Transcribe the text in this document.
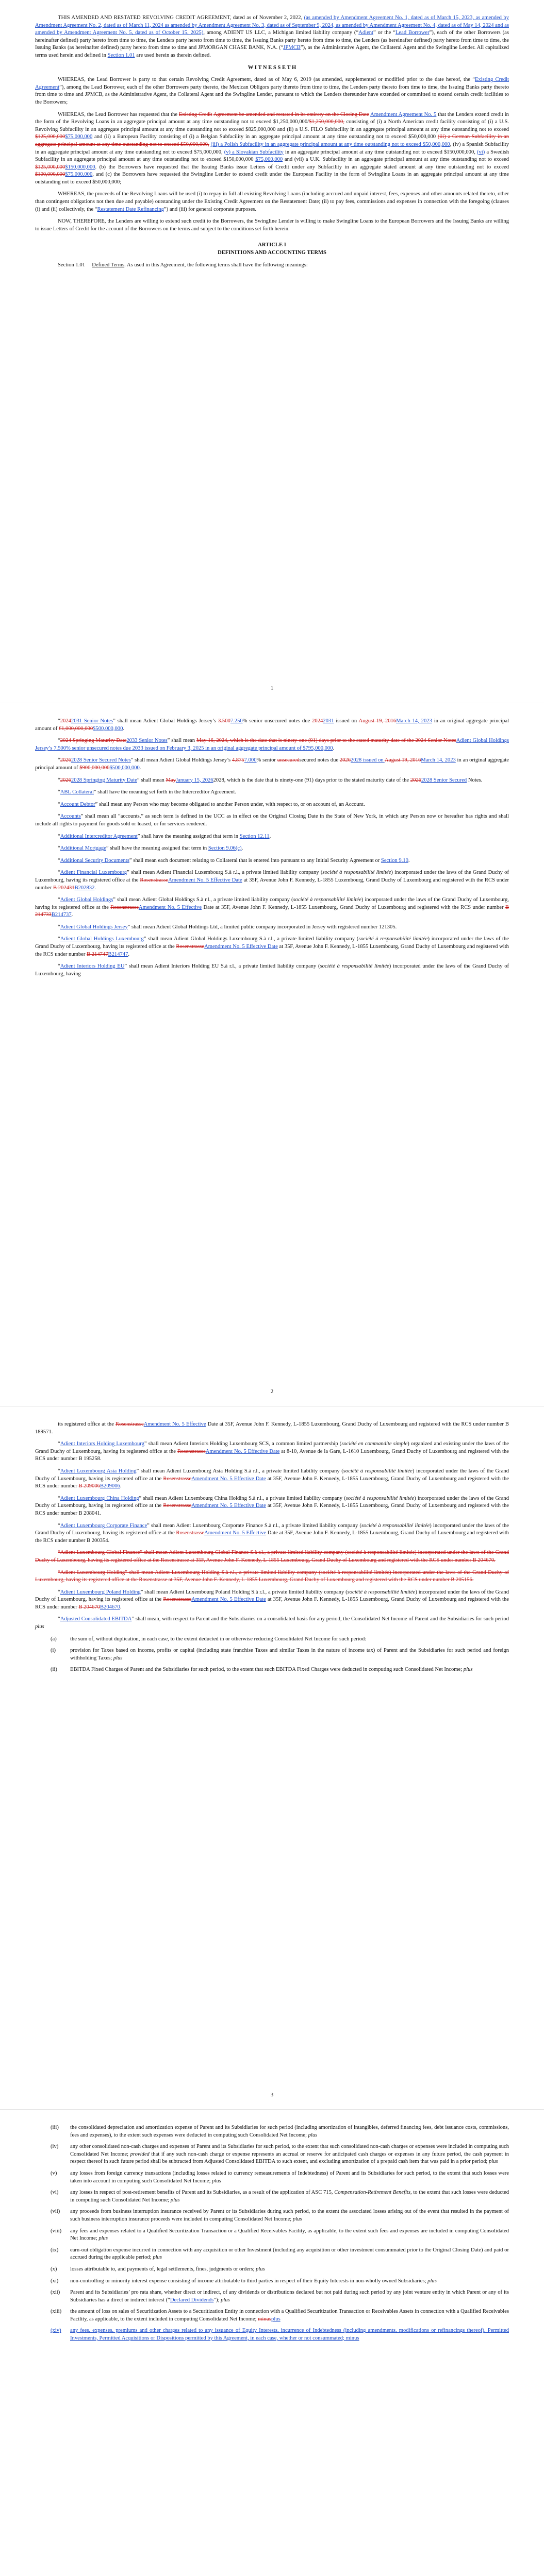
THIS AMENDED AND RESTATED REVOLVING CREDIT AGREEMENT, dated as of November 2, 2022, (as amended by Amendment Agreement No. 1, dated as of March 15, 2023, as amended by Amendment Agreement No. 2, dated as of March 11, 2024 as amended by Amendment Agreement No. 3, dated as of September 9, 2024, as amended by Amendment Agreement No. 4, dated as of May 14, 2024 and as amended by Amendment Agreement No. 5, dated as of October 15, 2025), among ADIENT US LLC, a Michigan limited liability company (“Adient” or the “Lead Borrower”), each of the other Borrowers (as hereinafter defined) party hereto from time to time, the Lenders party hereto from time to time, the Issuing Banks party hereto from time to time, the Lenders (as hereinafter defined) party hereto from time to time, the Issuing Banks (as hereinafter defined) party hereto from time to time and JPMORGAN CHASE BANK, N.A. (“JPMCB”), as the Administrative Agent, the Collateral Agent and the Swingline Lender. All capitalized terms used herein and defined in Section 1.01 are used herein as therein defined.

W I T N E S S E T H

WHEREAS, the Lead Borrower is party to that certain Revolving Credit Agreement, dated as of May 6, 2019 (as amended, supplemented or modified prior to the date hereof, the “Existing Credit Agreement”), among the Lead Borrower, each of the other Borrowers party thereto, the Mexican Obligors party thereto from time to time, the Lenders party thereto from time to time, the Issuing Banks party thereto from time to time and JPMCB, as the Administrative Agent, the Collateral Agent and the Swingline Lender, pursuant to which the Lenders thereunder have extended or committed to extend certain credit facilities to the Borrowers;

WHEREAS, the Lead Borrower has requested that the Existing Credit Agreement be amended and restated in its entirety on the Closing Date Amendment Agreement No. 5 that the Lenders extend credit in the form of the Revolving Loans in an aggregate principal amount at any time outstanding not to exceed $1,250,000,000/$1,250,000,000, consisting of (i) a North American credit facility consisting of (i) a U.S. Revolving Subfacility in an aggregate principal amount at any time outstanding not to exceed $825,000,000 and (ii) a U.S. FILO Subfacility in an aggregate principal amount at any time outstanding not to exceed $125,000,000$75,000,000 and (ii) a European Facility consisting of (i) a Belgian Subfacility in an aggregate principal amount at any time outstanding not to exceed $50,000,000 (iii) a German Subfacility in an aggregate principal amount at any time outstanding not to exceed $50,000,000, (iii) a Polish Subfacility in an aggregate principal amount at any time outstanding not to exceed $50,000,000, (iv) a Spanish Subfacility in an aggregate principal amount at any time outstanding not to exceed $75,000,000, (v) a Slovakian Subfacility in an aggregate principal amount at any time outstanding not to exceed $150,000,000, (vi) a Swedish Subfacility in an aggregate principal amount at any time outstanding not to exceed $150,000,000 $75,000,000 and (vii) a U.K. Subfacility in an aggregate principal amount at any time outstanding not to exceed $125,000,000$150,000,000. (b) the Borrowers have requested that the Issuing Banks issue Letters of Credit under any Subfacility in an aggregate stated amount at any time outstanding not to exceed $100,000,000$75,000,000, and (c) the Borrowers have requested the Swingline Lender to extend credit under the European Facility in the form of Swingline Loans in an aggregate principal amount at any time outstanding not to exceed $50,000,000;

WHEREAS, the proceeds of the Revolving Loans will be used (i) to repay in full all existing Revolving Loans (including accrued and unpaid interest, fees, expenses and other amounts related thereto, other than contingent obligations not then due and payable) outstanding under the Existing Credit Agreement on the Restatement Date; (ii) to pay fees, commissions and expenses in connection with the foregoing (clauses (i) and (ii) collectively, the “Restatement Date Refinancing”) and (iii) for general corporate purposes.

NOW, THEREFORE, the Lenders are willing to extend such credit to the Borrowers, the Swingline Lender is willing to make Swingline Loans to the European Borrowers and the Issuing Banks are willing to issue Letters of Credit for the account of the Borrowers on the terms and subject to the conditions set forth herein.

ARTICLE I

DEFINITIONS AND ACCOUNTING TERMS

Section 1.01 Defined Terms. As used in this Agreement, the following terms shall have the following meanings:

1

“20242031 Senior Notes” shall mean Adient Global Holdings Jersey’s 3.5007.250% senior unsecured notes due 20242031 issued on August 19, 2016March 14, 2023 in an original aggregate principal amount of €1,000,000,000$500,000,000.

“2024 Springing Maturity Date2033 Senior Notes” shall mean May 16, 2024, which is the date that is ninety-one (91) days prior to the stated maturity date of the 2024 Senior NotesAdient Global Holdings Jersey’s 7.500% senior unsecured notes due 2033 issued on February 3, 2025 in an original aggregate principal amount of $795,000,000.

“20262028 Senior Secured Notes” shall mean Adient Global Holdings Jersey’s 4.8757.000% senior unsecuredsecured notes due 20262028 issued on August 19, 2016March 14, 2023 in an original aggregate principal amount of $900,000,000$500,000,000.

“20262028 Springing Maturity Date” shall mean MayJanuary 15, 20262028, which is the date that is ninety-one (91) days prior to the stated maturity date of the 20262028 Senior Secured Notes.

“ABL Collateral” shall have the meaning set forth in the Intercreditor Agreement.

“Account Debtor” shall mean any Person who may become obligated to another Person under, with respect to, or on account of, an Account.

“Accounts” shall mean all “accounts,” as such term is defined in the UCC as in effect on the Original Closing Date in the State of New York, in which any Person now or hereafter has rights and shall include all rights to payment for goods sold or leased, or for services rendered.

“Additional Intercreditor Agreement” shall have the meaning assigned that term in Section 12.11.

“Additional Mortgage” shall have the meaning assigned that term in Section 9.06(c).

“Additional Security Documents” shall mean each document relating to Collateral that is entered into pursuant to any Initial Security Agreement or Section 9.10.

“Adient Financial Luxembourg” shall mean Adient Financial Luxembourg S.à r.l., a private limited liability company (société à responsabilité limitée) incorporated under the laws of the Grand Duchy of Luxembourg, having its registered office at the RosenstrasseAmendment No. 5 Effective Date at 35F, Avenue John F. Kennedy, L-1855 Luxembourg, Grand Duchy of Luxembourg and registered with the RCS under number B 202431B202832.

“Adient Global Holdings” shall mean Adient Global Holdings S.à r.l., a private limited liability company (société à responsabilité limitée) incorporated under the laws of the Grand Duchy of Luxembourg, having its registered office at the RosenstrasseAmendment No. 5 Effective Date at 35F, Avenue John F. Kennedy, L-1855 Luxembourg, Grand Duchy of Luxembourg and registered with the RCS under number B 214733B214737.

“Adient Global Holdings Jersey” shall mean Adient Global Holdings Ltd, a limited public company incorporated in Jersey with registered number 121305.

“Adient Global Holdings Luxembourg” shall mean Adient Global Holdings Luxembourg S.à r.l., a private limited liability company (société à responsabilité limitée) incorporated under the laws of the Grand Duchy of Luxembourg, having its registered office at the RosenstrasseAmendment No. 5 Effective Date at 35F, Avenue John F. Kennedy, L-1855 Luxembourg, Grand Duchy of Luxembourg and registered with the RCS under number B 214747B214747.

“Adient Interiors Holding EU” shall mean Adient Interiors Holding EU S.à r.l., a private limited liability company (société à responsabilité limitée) incorporated under the laws of the Grand Duchy of Luxembourg, having

2

its registered office at the RosenstrasseAmendment No. 5 Effective Date at 35F, Avenue John F. Kennedy, L-1855 Luxembourg, Grand Duchy of Luxembourg and registered with the RCS under number B 189571.

“Adient Interiors Holding Luxembourg” shall mean Adient Interiors Holding Luxembourg SCS, a common limited partnership (société en commandite simple) organized and existing under the laws of the Grand Duchy of Luxembourg, having its registered office at the RosenstrasseAmendment No. 5 Effective Date at 8-10, Avenue de la Gare, L-1610 Luxembourg, Grand Duchy of Luxembourg and registered with the RCS under number B 195258.

“Adient Luxembourg Asia Holding” shall mean Adient Luxembourg Asia Holding S.à r.l., a private limited liability company (société à responsabilité limitée) incorporated under the laws of the Grand Duchy of Luxembourg, having its registered office at the RosenstrasseAmendment No. 5 Effective Date at 35F, Avenue John F. Kennedy, L-1855 Luxembourg, Grand Duchy of Luxembourg and registered with the RCS under number B 209006B209006.

“Adient Luxembourg China Holding” shall mean Adient Luxembourg China Holding S.à r.l., a private limited liability company (société à responsabilité limitée) incorporated under the laws of the Grand Duchy of Luxembourg, having its registered office at the RosenstrasseAmendment No. 5 Effective Date at 35F, Avenue John F. Kennedy, L-1855 Luxembourg, Grand Duchy of Luxembourg and registered with the RCS under number B 208041.

“Adient Luxembourg Corporate Finance” shall mean Adient Luxembourg Corporate Finance S.à r.l., a private limited liability company (société à responsabilité limitée) incorporated under the laws of the Grand Duchy of Luxembourg, having its registered office at the RosenstrasseAmendment No. 5 Effective Date at 35F, Avenue John F. Kennedy, L-1855 Luxembourg, Grand Duchy of Luxembourg and registered with the RCS under number B 200354.

“Adient Luxembourg Global Finance” shall mean Adient Luxembourg Global Finance S.à r.l., a private limited liability company (société à responsabilité limitée) incorporated under the laws of the Grand Duchy of Luxembourg, having its registered office at the Rosenstrasse at 35F, Avenue John F. Kennedy, L-1855 Luxembourg, Grand Duchy of Luxembourg and registered with the RCS under number B 204670.

“Adient Luxembourg Holding” shall mean Adient Luxembourg Holding S.à r.l., a private limited liability company (société à responsabilité limitée) incorporated under the laws of the Grand Duchy of Luxembourg, having its registered office at the Rosenstrasse at 35F, Avenue John F. Kennedy, L-1855 Luxembourg, Grand Duchy of Luxembourg and registered with the RCS under number B 205156.

“Adient Luxembourg Poland Holding” shall mean Adient Luxembourg Poland Holding S.à r.l., a private limited liability company (société à responsabilité limitée) incorporated under the laws of the Grand Duchy of Luxembourg, having its registered office at the RosenstrasseAmendment No. 5 Effective Date at 35F, Avenue John F. Kennedy, L-1855 Luxembourg, Grand Duchy of Luxembourg and registered with the RCS under number B 204670B204670.

“Adjusted Consolidated EBITDA” shall mean, with respect to Parent and the Subsidiaries on a consolidated basis for any period, the Consolidated Net Income of Parent and the Subsidiaries for such period plus

(a)	the sum of, without duplication, in each case, to the extent deducted in or otherwise reducing Consolidated Net Income for such period:

(i)	provision for Taxes based on income, profits or capital (including state franchise Taxes and similar Taxes in the nature of income tax) of Parent and the Subsidiaries for such period and foreign withholding Taxes; plus

(ii)	EBITDA Fixed Charges of Parent and the Subsidiaries for such period, to the extent that such EBITDA Fixed Charges were deducted in computing such Consolidated Net Income; plus

3

(iii)	the consolidated depreciation and amortization expense of Parent and its Subsidiaries for such period (including amortization of intangibles, deferred financing fees, debt issuance costs, commissions, fees and expenses), to the extent such expenses were deducted in computing such Consolidated Net Income; plus

(iv)	any other consolidated non-cash charges and expenses of Parent and its Subsidiaries for such period, to the extent that such consolidated non-cash charges or expenses were included in computing such Consolidated Net Income; provided that if any such non-cash charge or expense represents an accrual or reserve for anticipated cash charges or expenses in any future period, the cash payment in respect thereof in such future period shall be subtracted from Adjusted Consolidated EBITDA to such extent, and excluding amortization of a prepaid cash item that was paid in a prior period; plus

(v)	any losses from foreign currency transactions (including losses related to currency remeasurements of Indebtedness) of Parent and its Subsidiaries for such period, to the extent that such losses were taken into account in computing such Consolidated Net Income; plus

(vi)	any losses in respect of post-retirement benefits of Parent and its Subsidiaries, as a result of the application of ASC 715, Compensation-Retirement Benefits, to the extent that such losses were deducted in computing such Consolidated Net Income; plus

(vii)	any proceeds from business interruption insurance received by Parent or its Subsidiaries during such period, to the extent the associated losses arising out of the event that resulted in the payment of such business interruption insurance proceeds were included in computing Consolidated Net Income; plus

(viii)	any fees and expenses related to a Qualified Securitization Transaction or a Qualified Receivables Facility, as applicable, to the extent such fees and expenses are included in computing Consolidated Net Income; plus

(ix)	earn-out obligation expense incurred in connection with any acquisition or other Investment (including any acquisition or other investment consummated prior to the Original Closing Date) and paid or accrued during the applicable period; plus

(x)	losses attributable to, and payments of, legal settlements, fines, judgments or orders; plus

(xi)	non-controlling or minority interest expense consisting of income attributable to third parties in respect of their Equity Interests in non-wholly owned Subsidiaries; plus

(xii)	Parent and its Subsidiaries’ pro rata share, whether direct or indirect, of any dividends or distributions declared but not paid during such period by any joint venture entity in which Parent or any of its Subsidiaries has a direct or indirect interest (“Declared Dividends”); plus

(xiii)	the amount of loss on sales of Securitization Assets to a Securitization Entity in connection with a Qualified Securitization Transaction or Receivables Assets in connection with a Qualified Receivables Facility, as applicable, to the extent included in computing Consolidated Net Income; minusplus

(xiv)	any fees, expenses, premiums and other charges related to any issuance of Equity Interests, incurrence of Indebtedness (including amendments, modifications or refinancings thereof), Permitted Investments, Permitted Acquisitions or Dispositions permitted by this Agreement, in each case, whether or not consummated; minus
